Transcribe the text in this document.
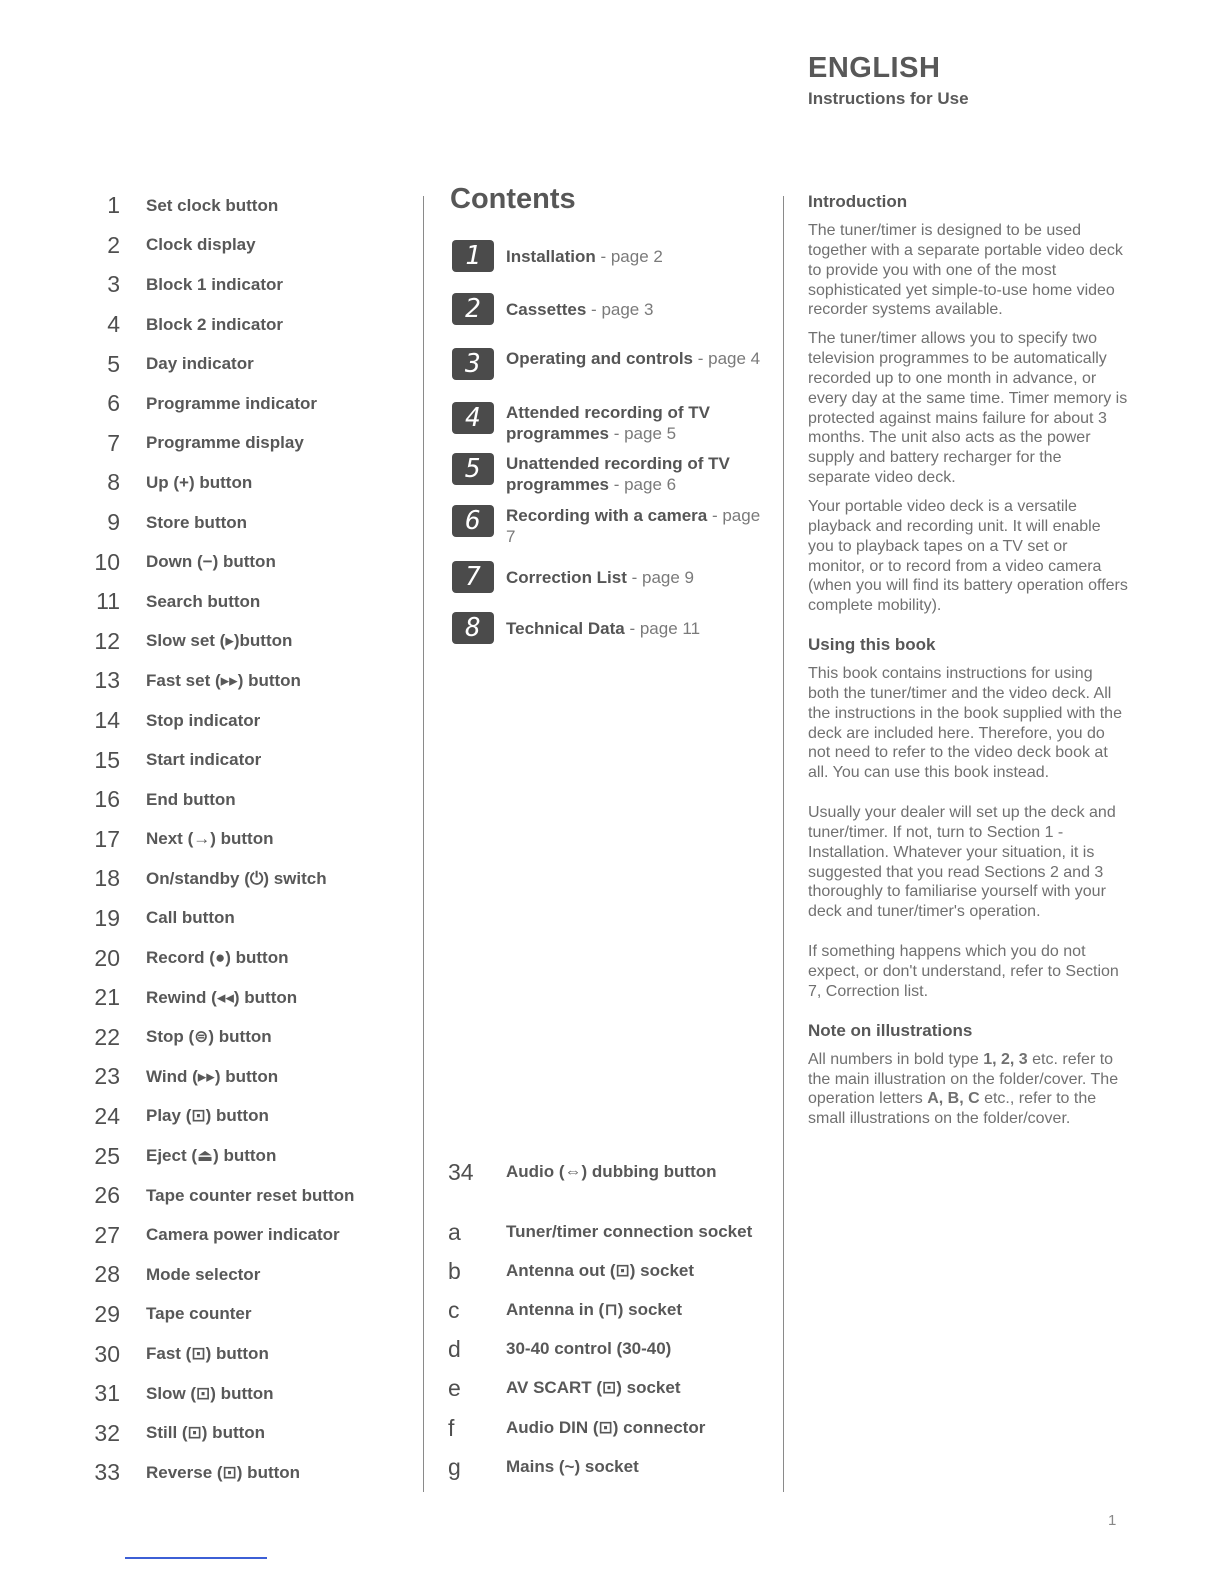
ENGLISH
Instructions for Use
1 Set clock button
2 Clock display
3 Block 1 indicator
4 Block 2 indicator
5 Day indicator
6 Programme indicator
7 Programme display
8 Up (+) button
9 Store button
10 Down (−) button
11 Search button
12 Slow set (▸)button
13 Fast set (▸▸) button
14 Stop indicator
15 Start indicator
16 End button
17 Next (→) button
18 On/standby (⏻) switch
19 Call button
20 Record (●) button
21 Rewind (◂◂) button
22 Stop (⊜) button
23 Wind (▸▸) button
24 Play (⊡) button
25 Eject (⏏) button
26 Tape counter reset button
27 Camera power indicator
28 Mode selector
29 Tape counter
30 Fast (⊡) button
31 Slow (⊡) button
32 Still (⊡) button
33 Reverse (⊡) button
Contents
1	Installation - page 2
2	Cassettes - page 3
3	Operating and controls - page 4
4	Attended recording of TV programmes - page 5
5	Unattended recording of TV programmes - page 6
6	Recording with a camera - page 7
7	Correction List - page 9
8	Technical Data - page 11
34	Audio (⇔) dubbing button
a	Tuner/timer connection socket
b	Antenna out (⊡) socket
c	Antenna in (⊓) socket
d	30-40 control (30-40)
e	AV SCART (⊡) socket
f	Audio DIN (⊡) connector
g	Mains (~) socket
Introduction

The tuner/timer is designed to be used together with a separate portable video deck to provide you with one of the most sophisticated yet simple-to-use home video recorder systems available.

The tuner/timer allows you to specify two television programmes to be automatically recorded up to one month in advance, or every day at the same time. Timer memory is protected against mains failure for about 3 months. The unit also acts as the power supply and battery recharger for the separate video deck.

Your portable video deck is a versatile playback and recording unit. It will enable you to playback tapes on a TV set or monitor, or to record from a video camera (when you will find its battery operation offers complete mobility).

Using this book

This book contains instructions for using both the tuner/timer and the video deck. All the instructions in the book supplied with the deck are included here. Therefore, you do not need to refer to the video deck book at all. You can use this book instead.

Usually your dealer will set up the deck and tuner/timer. If not, turn to Section 1 - Installation. Whatever your situation, it is suggested that you read Sections 2 and 3 thoroughly to familiarise yourself with your deck and tuner/timer's operation.

If something happens which you do not expect, or don't understand, refer to Section 7, Correction list.

Note on illustrations

All numbers in bold type 1, 2, 3 etc. refer to the main illustration on the folder/cover. The operation letters A, B, C etc., refer to the small illustrations on the folder/cover.

1
